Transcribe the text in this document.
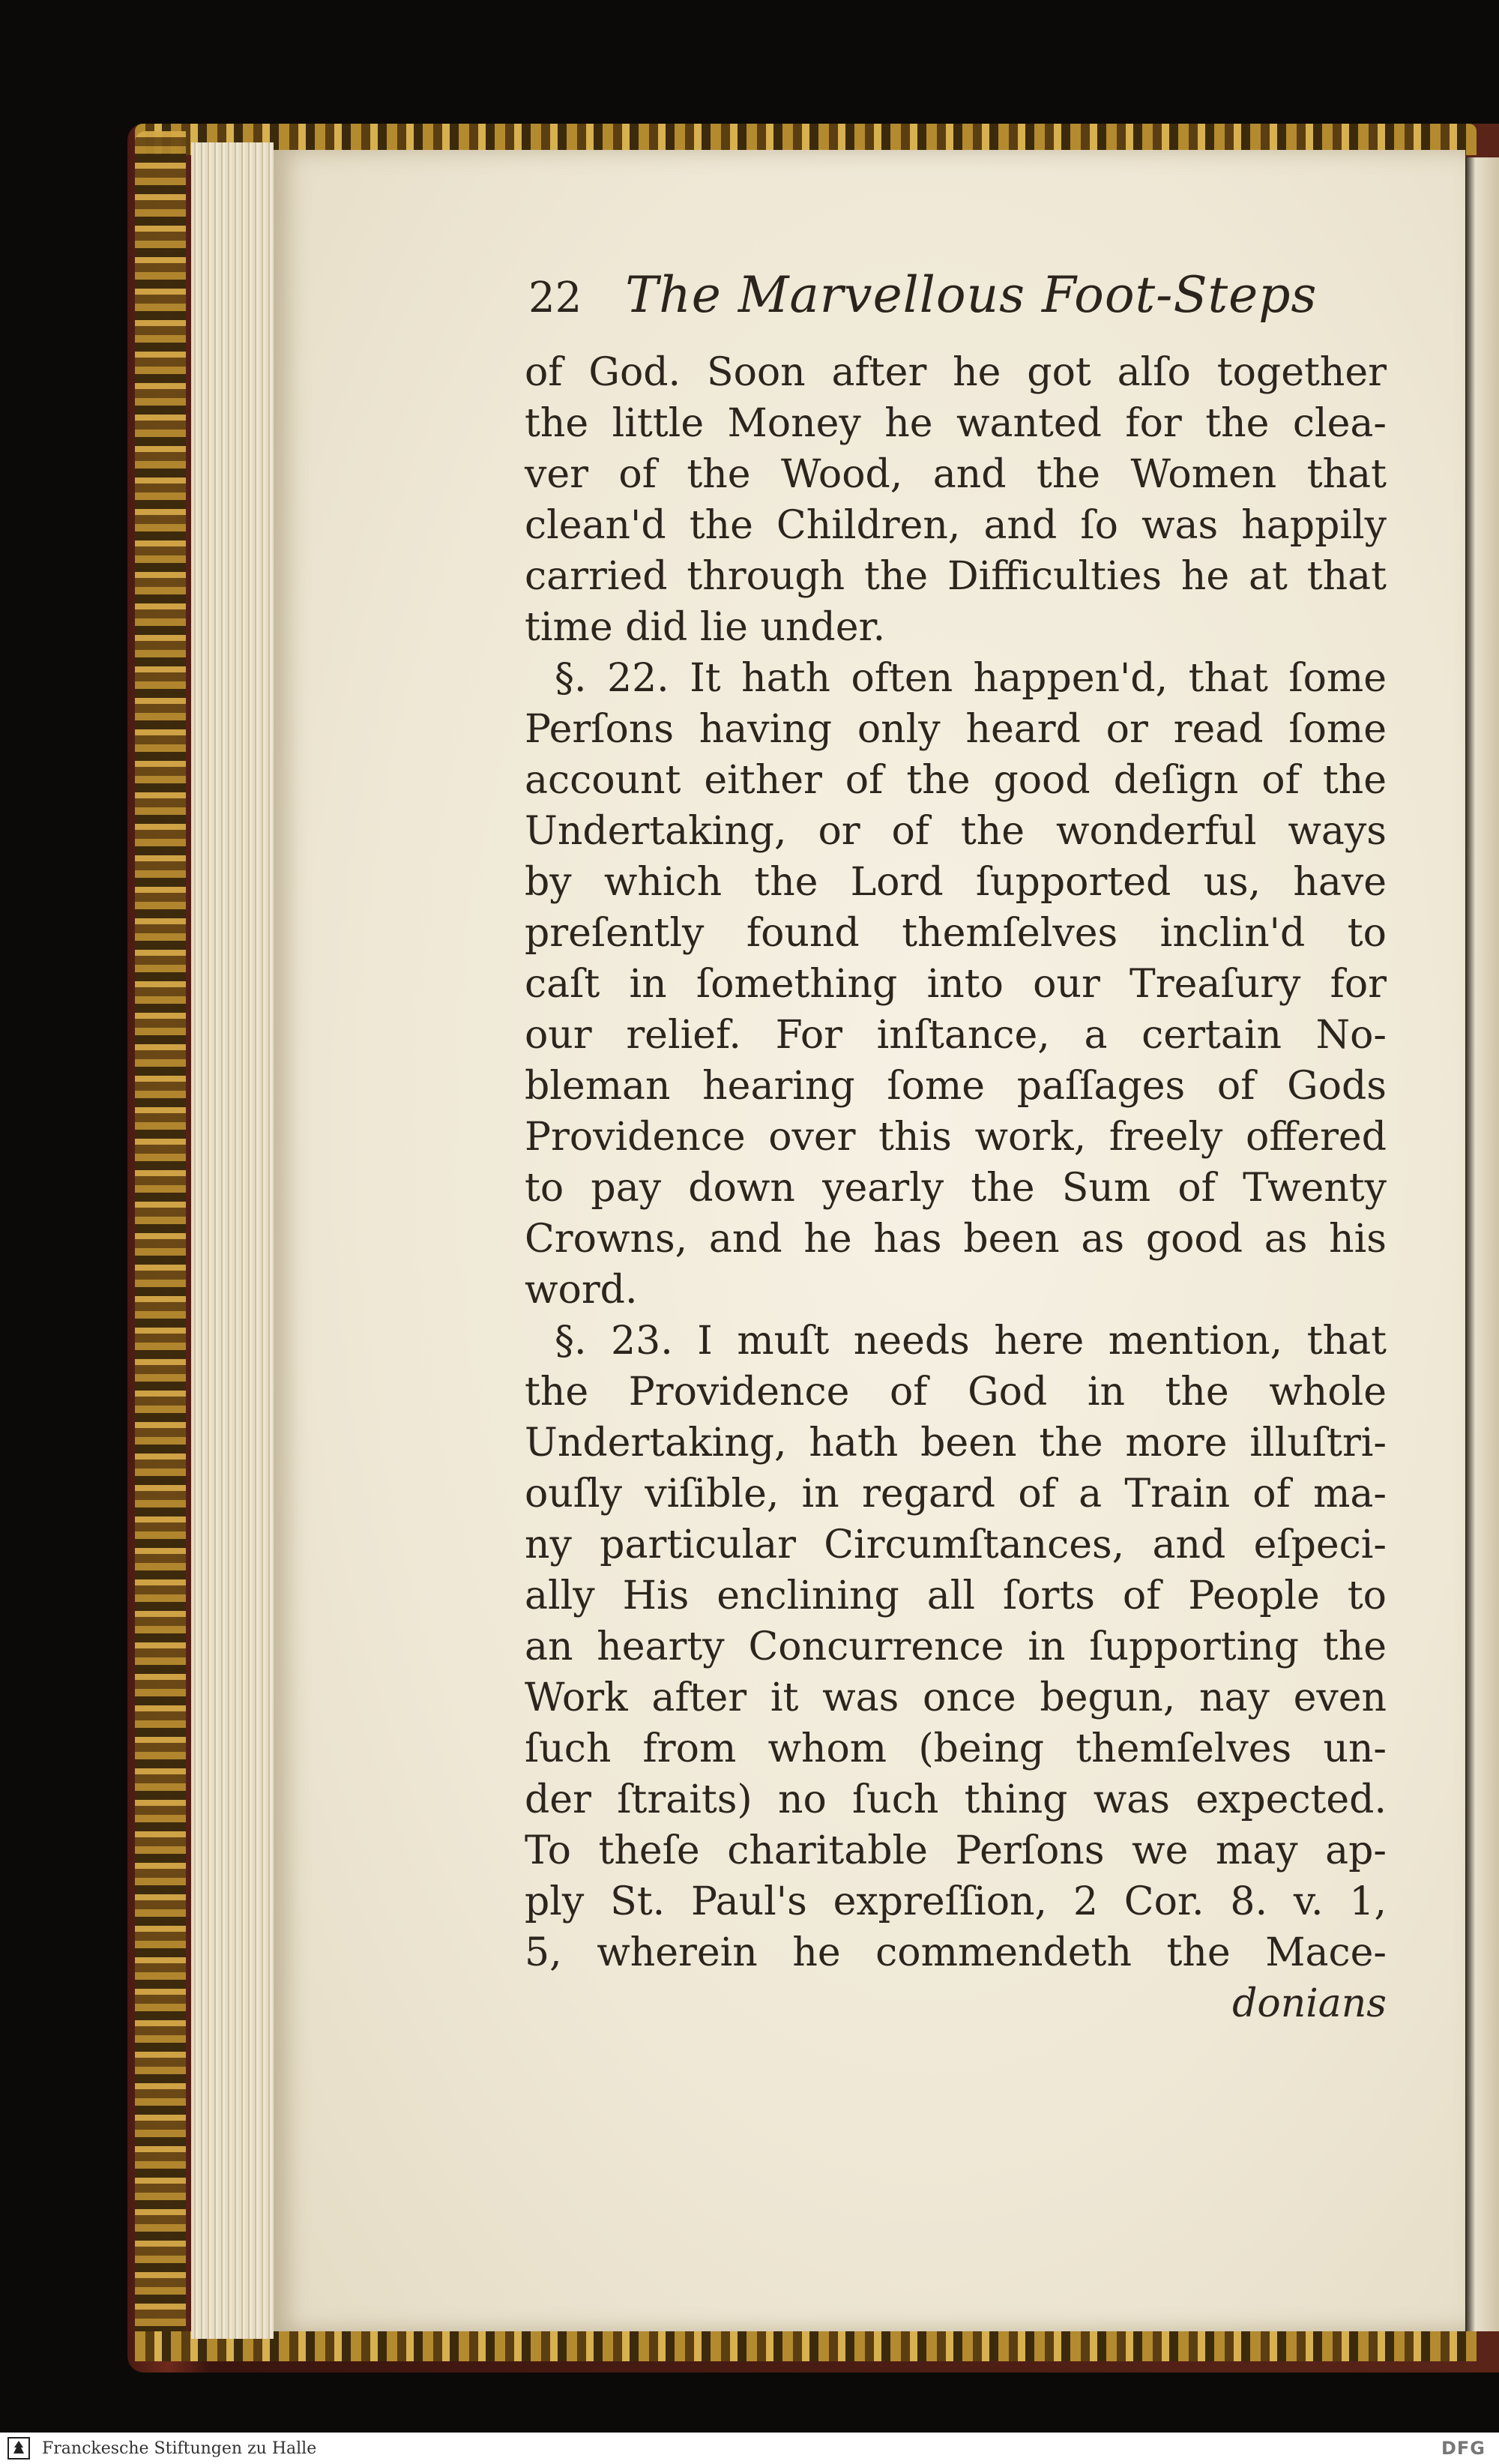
22 The Marvellous Foot-Steps
of God. Soon after he got alſo together
the little Money he wanted for the clea-
ver of the Wood, and the Women that
clean'd the Children, and ſo was happily
carried through the Difficulties he at that
time did lie under.
§. 22. It hath often happen'd, that ſome
Perſons having only heard or read ſome
account either of the good deſign of the
Undertaking, or of the wonderful ways
by which the Lord ſupported us, have
preſently found themſelves inclin'd to
caſt in ſomething into our Treaſury for
our relief. For inſtance, a certain No-
bleman hearing ſome paſſages of Gods
Providence over this work, freely offered
to pay down yearly the Sum of Twenty
Crowns, and he has been as good as his
word.
§. 23. I muſt needs here mention, that
the Providence of God in the whole
Undertaking, hath been the more illuſtri-
ouſly viſible, in regard of a Train of ma-
ny particular Circumſtances, and eſpeci-
ally His enclining all ſorts of People to
an hearty Concurrence in ſupporting the
Work after it was once begun, nay even
ſuch from whom (being themſelves un-
der ſtraits) no ſuch thing was expected.
To theſe charitable Perſons we may ap-
ply St. Paul's expreſſion, 2 Cor. 8. v. 1,
5, wherein he commendeth the Mace-
donians
Franckesche Stiftungen zu Halle	DFG
